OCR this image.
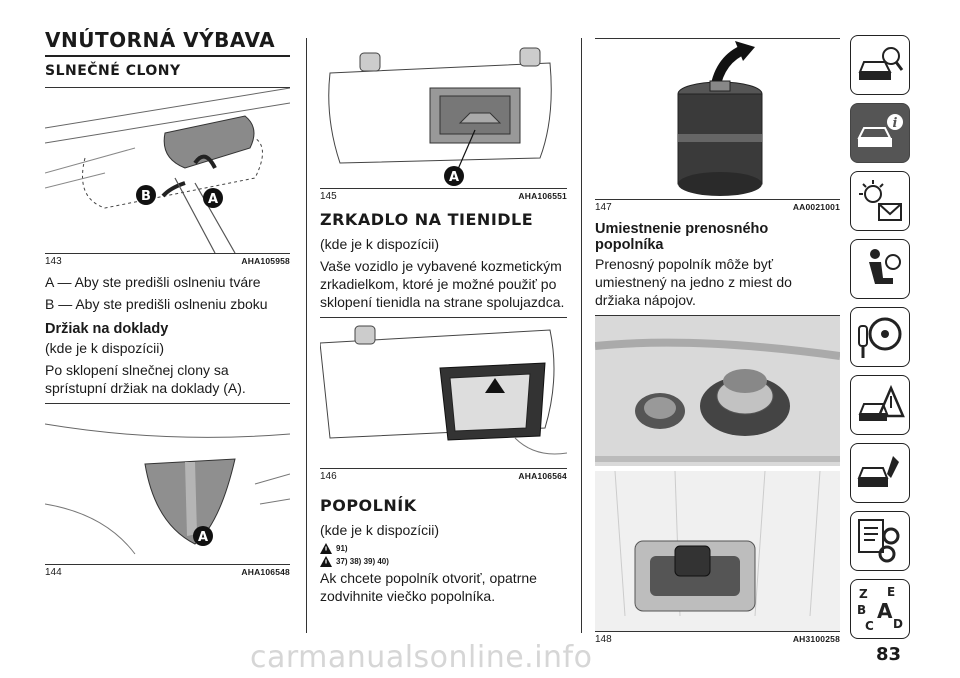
VNÚTORNÁ VÝBAVA
SLNEČNÉ CLONY
B	A
143	AHA105958

A — Aby ste predišli oslneniu tváre

B — Aby ste predišli oslneniu zboku

Držiak na doklady

(kde je k dispozícii)

Po sklopení slnečnej clony sa sprístupní držiak na doklady (A).

A
144	AHA106548
A
145	AHA106551
ZRKADLO NA TIENIDLE

(kde je k dispozícii)

Vaše vozidlo je vybavené kozmetickým zrkadielkom, ktoré je možné použiť po sklopení tienidla na strane spolujazdca.

146	AHA106564
POPOLNÍK

(kde je k dispozícii)

91)
37) 38) 39) 40)

Ak chcete popolník otvoriť, opatrne zodvihnite viečko popolníka.

147	AA0021001
Umiestnenie prenosného popolníka

Prenosný popolník môže byť umiestnený na jedno z miest do držiaka nápojov.

148	AH3100258
i
Z E
B A
C D
carmanualsonline.info	83
